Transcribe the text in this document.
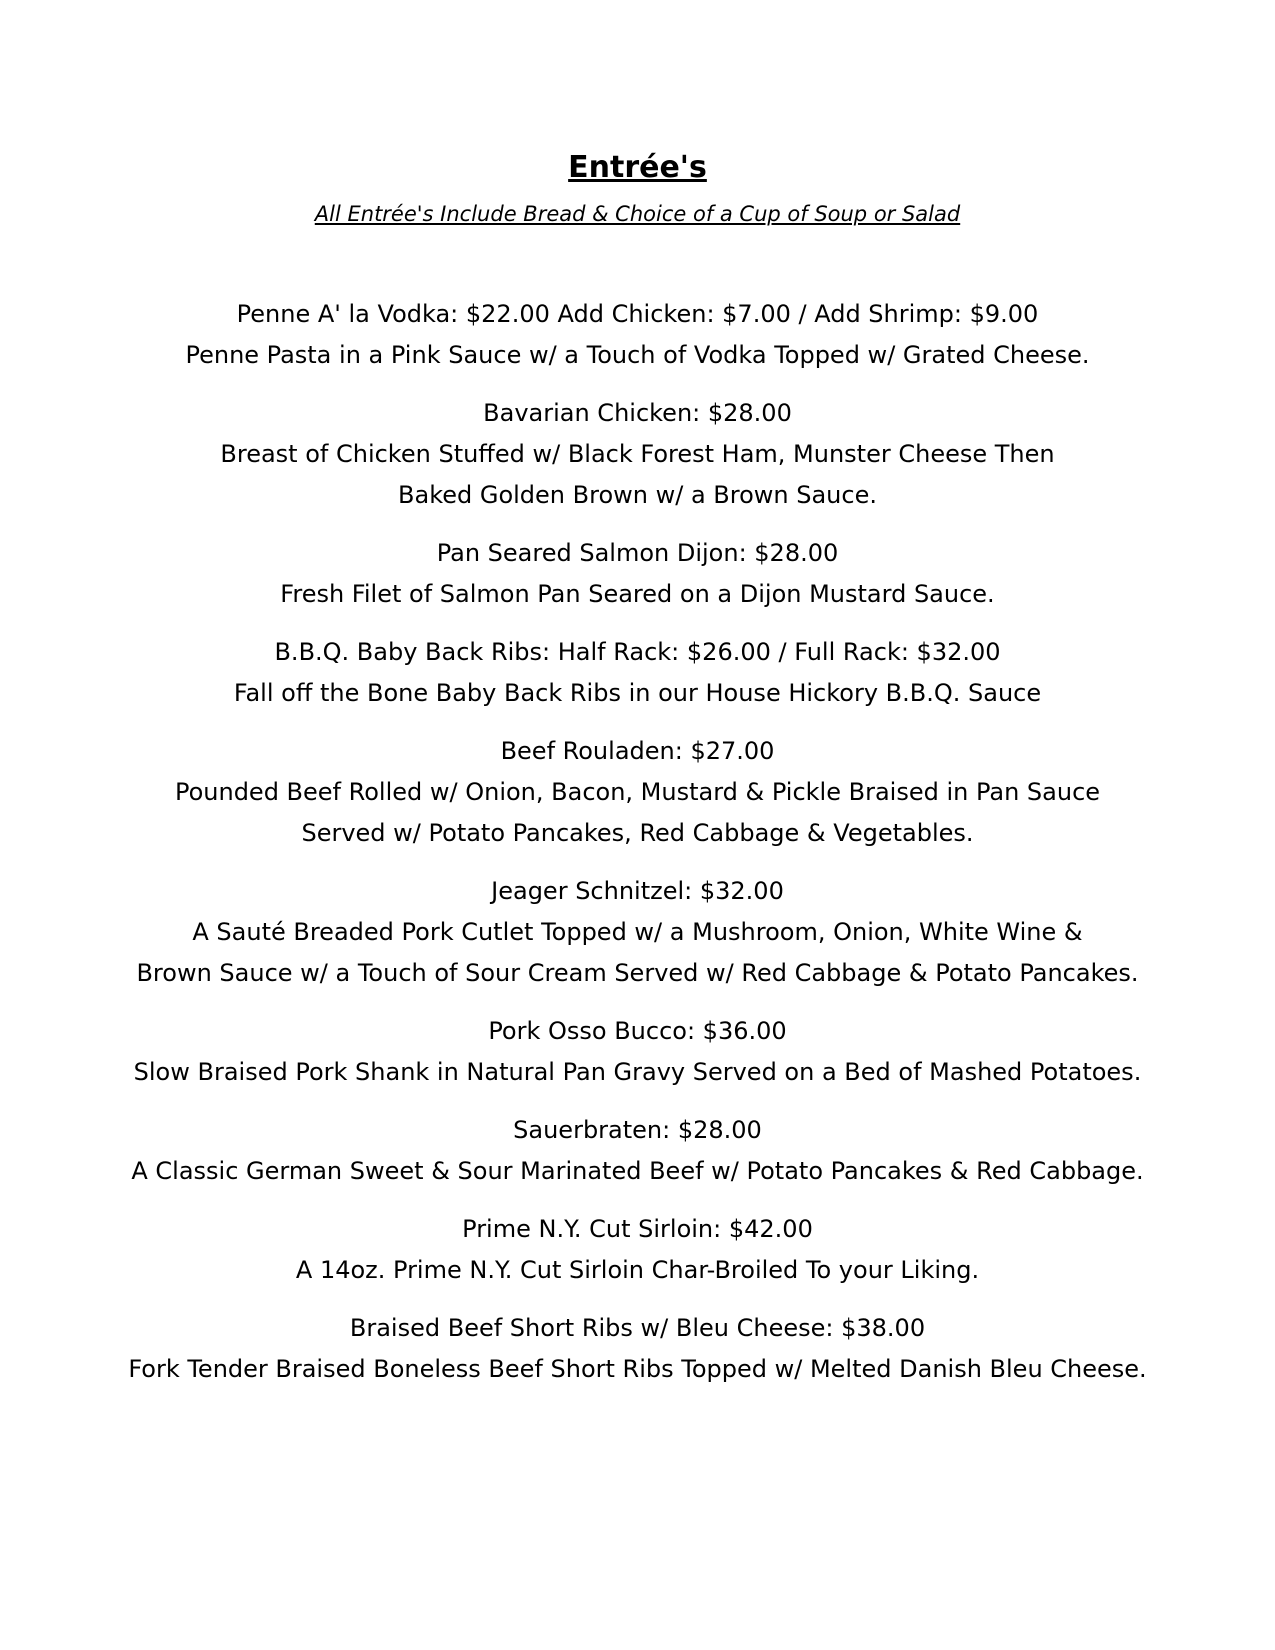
Entrée's
All Entrée's Include Bread & Choice of a Cup of Soup or Salad
Penne A' la Vodka: $22.00 Add Chicken: $7.00 / Add Shrimp: $9.00
Penne Pasta in a Pink Sauce w/ a Touch of Vodka Topped w/ Grated Cheese.
Bavarian Chicken: $28.00
Breast of Chicken Stuffed w/ Black Forest Ham, Munster Cheese Then
Baked Golden Brown w/ a Brown Sauce.
Pan Seared Salmon Dijon: $28.00
Fresh Filet of Salmon Pan Seared on a Dijon Mustard Sauce.
B.B.Q. Baby Back Ribs: Half Rack: $26.00 / Full Rack: $32.00
Fall off the Bone Baby Back Ribs in our House Hickory B.B.Q. Sauce
Beef Rouladen: $27.00
Pounded Beef Rolled w/ Onion, Bacon, Mustard & Pickle Braised in Pan Sauce
Served w/ Potato Pancakes, Red Cabbage & Vegetables.
Jeager Schnitzel: $32.00
A Sauté Breaded Pork Cutlet Topped w/ a Mushroom, Onion, White Wine &
Brown Sauce w/ a Touch of Sour Cream Served w/ Red Cabbage & Potato Pancakes.
Pork Osso Bucco: $36.00
Slow Braised Pork Shank in Natural Pan Gravy Served on a Bed of Mashed Potatoes.
Sauerbraten: $28.00
A Classic German Sweet & Sour Marinated Beef w/ Potato Pancakes & Red Cabbage.
Prime N.Y. Cut Sirloin: $42.00
A 14oz. Prime N.Y. Cut Sirloin Char-Broiled To your Liking.
Braised Beef Short Ribs w/ Bleu Cheese: $38.00
Fork Tender Braised Boneless Beef Short Ribs Topped w/ Melted Danish Bleu Cheese.
